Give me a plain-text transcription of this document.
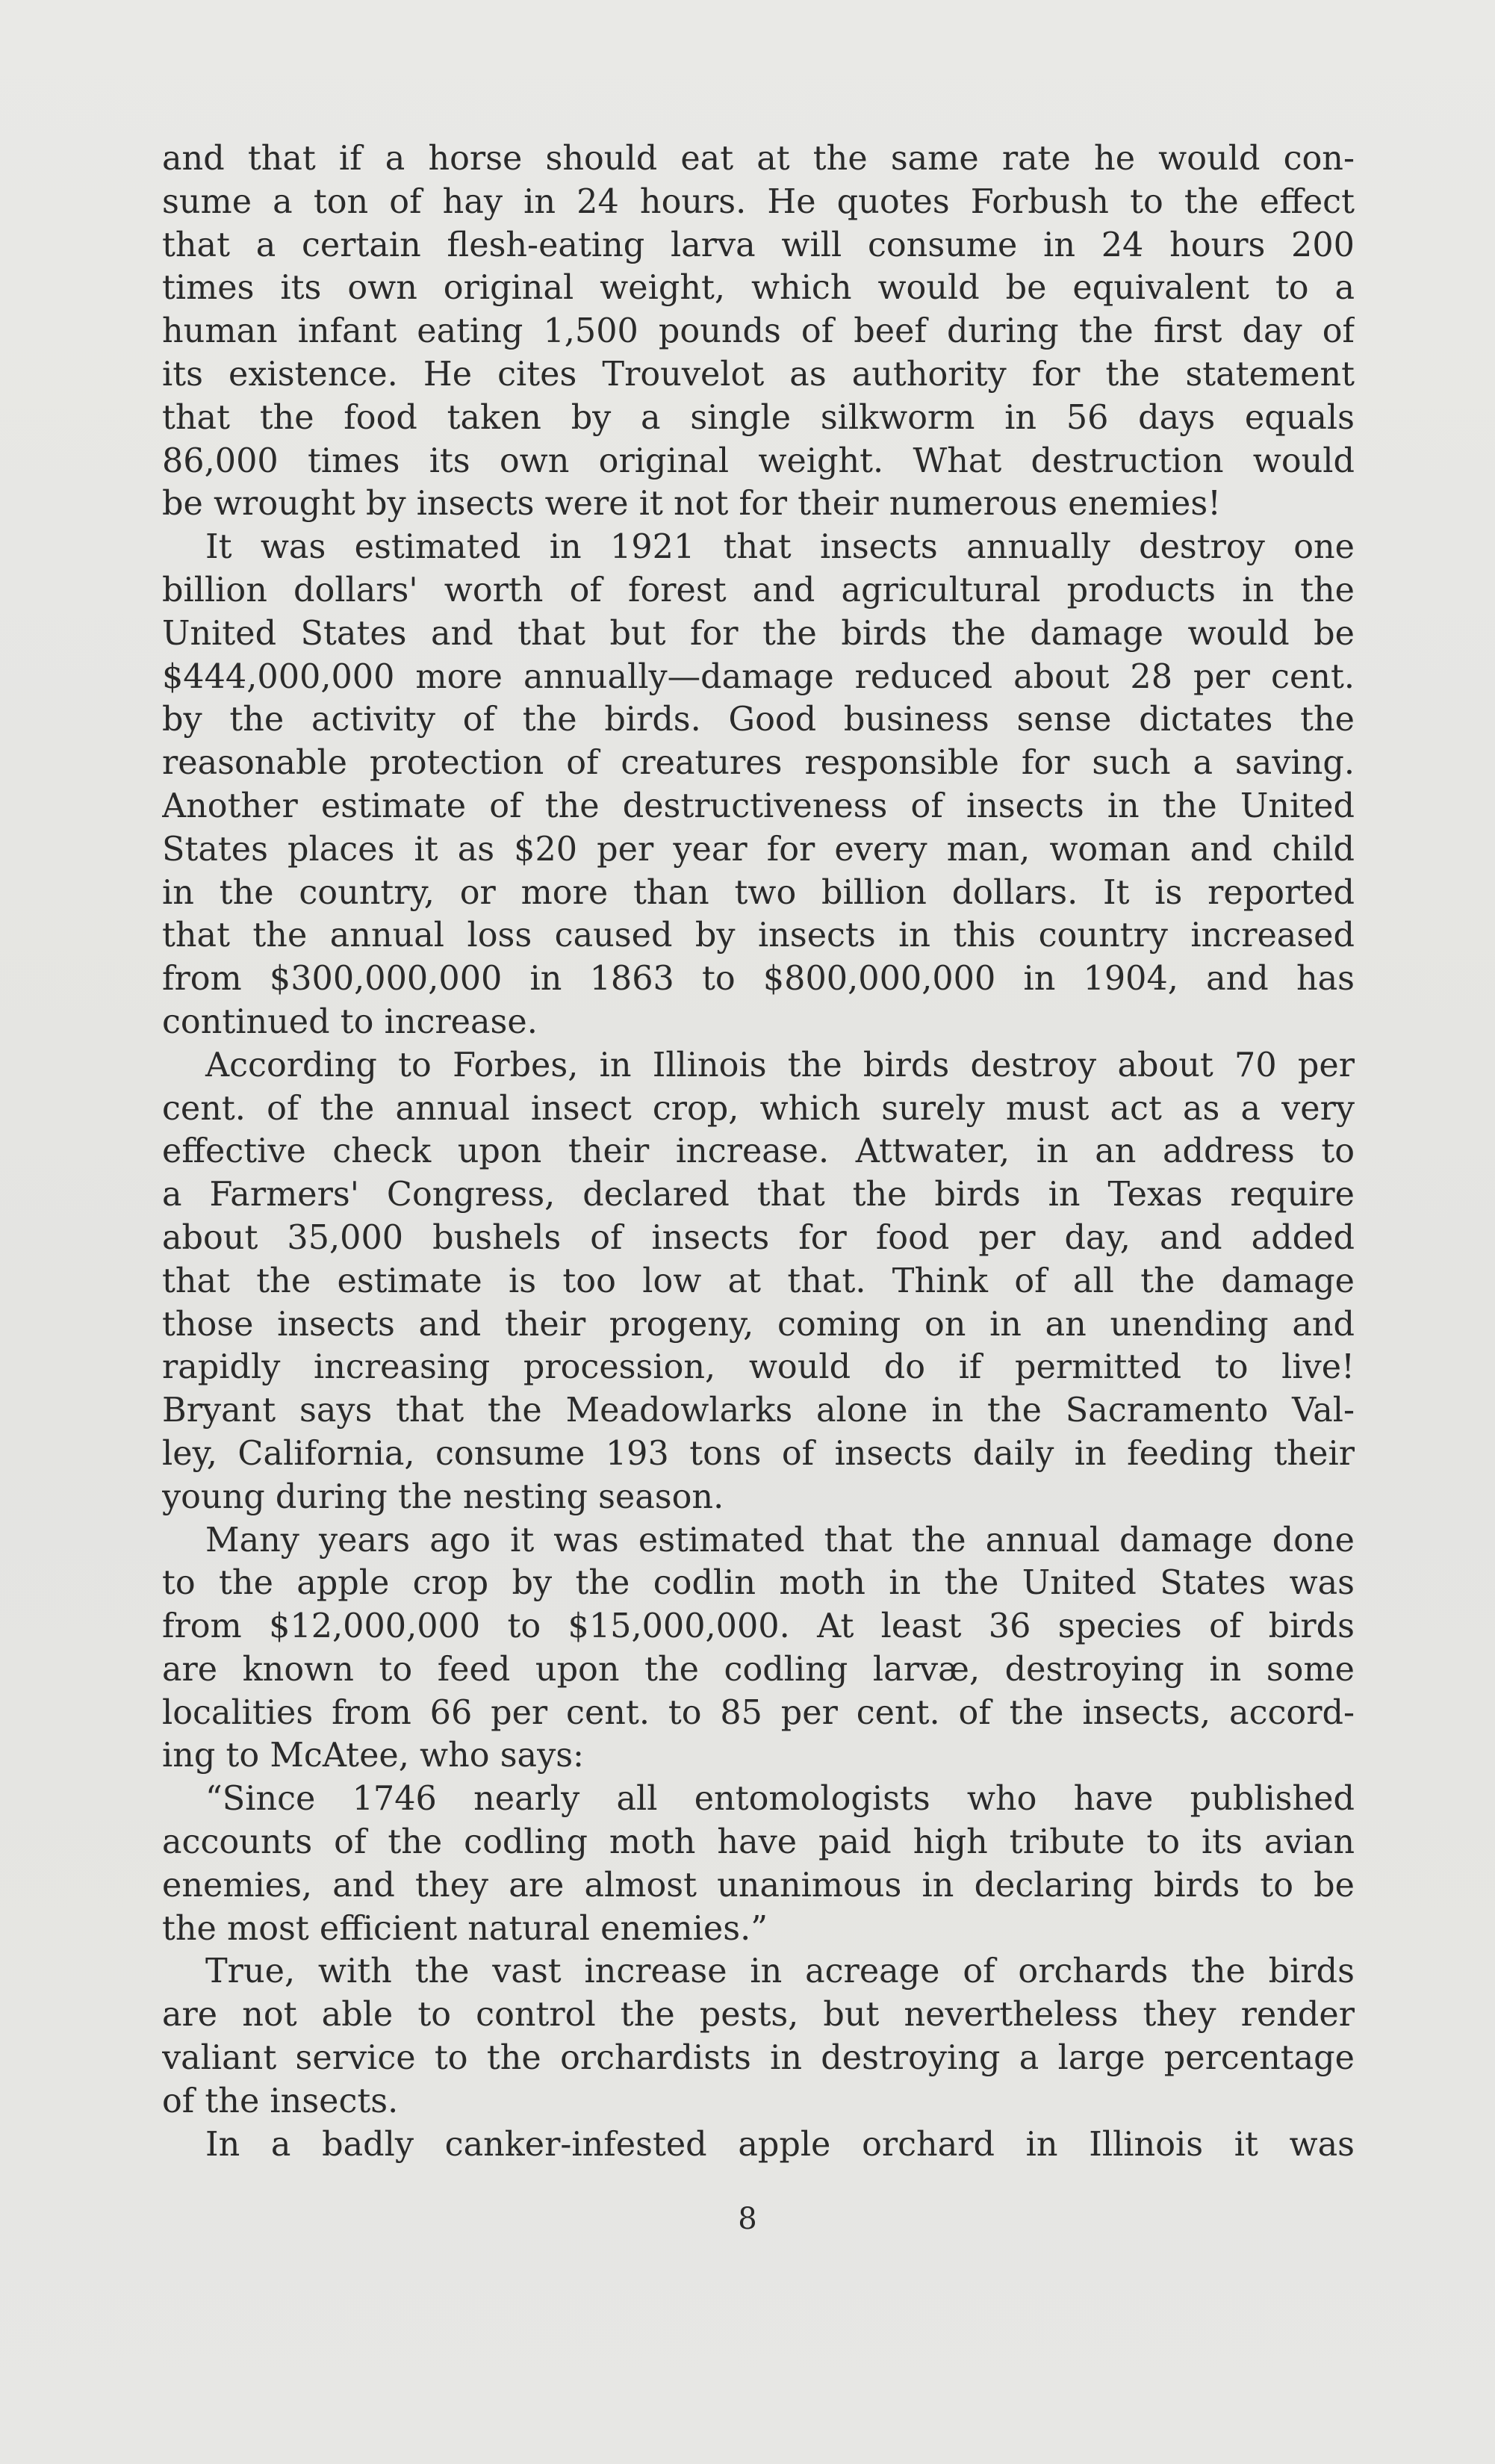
and that if a horse should eat at the same rate he would con-
sume a ton of hay in 24 hours. He quotes Forbush to the effect
that a certain flesh-eating larva will consume in 24 hours 200
times its own original weight, which would be equivalent to a
human infant eating 1,500 pounds of beef during the first day of
its existence. He cites Trouvelot as authority for the statement
that the food taken by a single silkworm in 56 days equals
86,000 times its own original weight. What destruction would
be wrought by insects were it not for their numerous enemies!
It was estimated in 1921 that insects annually destroy one
billion dollars' worth of forest and agricultural products in the
United States and that but for the birds the damage would be
$444,000,000 more annually—damage reduced about 28 per cent.
by the activity of the birds. Good business sense dictates the
reasonable protection of creatures responsible for such a saving.
Another estimate of the destructiveness of insects in the United
States places it as $20 per year for every man, woman and child
in the country, or more than two billion dollars. It is reported
that the annual loss caused by insects in this country increased
from $300,000,000 in 1863 to $800,000,000 in 1904, and has
continued to increase.
According to Forbes, in Illinois the birds destroy about 70 per
cent. of the annual insect crop, which surely must act as a very
effective check upon their increase. Attwater, in an address to
a Farmers' Congress, declared that the birds in Texas require
about 35,000 bushels of insects for food per day, and added
that the estimate is too low at that. Think of all the damage
those insects and their progeny, coming on in an unending and
rapidly increasing procession, would do if permitted to live!
Bryant says that the Meadowlarks alone in the Sacramento Val-
ley, California, consume 193 tons of insects daily in feeding their
young during the nesting season.
Many years ago it was estimated that the annual damage done
to the apple crop by the codlin moth in the United States was
from $12,000,000 to $15,000,000. At least 36 species of birds
are known to feed upon the codling larvæ, destroying in some
localities from 66 per cent. to 85 per cent. of the insects, accord-
ing to McAtee, who says:
“Since 1746 nearly all entomologists who have published
accounts of the codling moth have paid high tribute to its avian
enemies, and they are almost unanimous in declaring birds to be
the most efficient natural enemies.”
True, with the vast increase in acreage of orchards the birds
are not able to control the pests, but nevertheless they render
valiant service to the orchardists in destroying a large percentage
of the insects.
In a badly canker-infested apple orchard in Illinois it was
8
